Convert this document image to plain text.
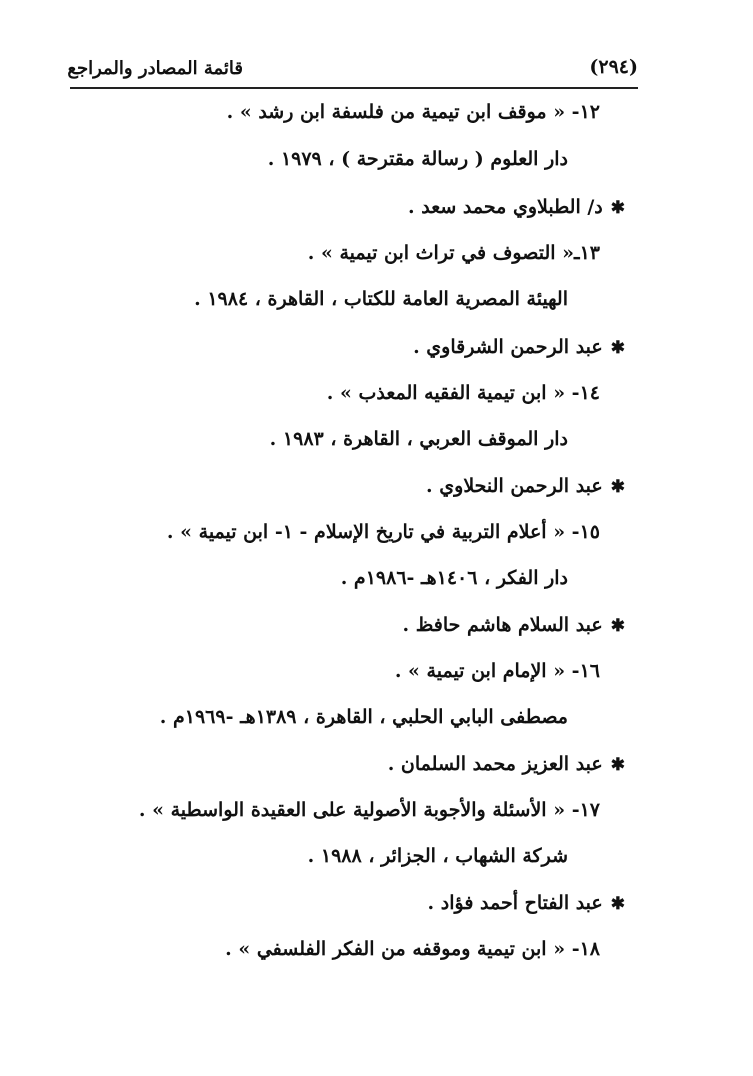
قائمة المصادر والمراجع	(٢٩٤)
١٢- « موقف ابن تيمية من فلسفة ابن رشد » .
دار العلوم ( رسالة مقترحة ) ، ١٩٧٩ .
✱د/ الطبلاوي محمد سعد .
١٣ـ« التصوف في تراث ابن تيمية » .
الهيئة المصرية العامة للكتاب ، القاهرة ، ١٩٨٤ .
✱عبد الرحمن الشرقاوي .
١٤- « ابن تيمية الفقيه المعذب » .
دار الموقف العربي ، القاهرة ، ١٩٨٣ .
✱عبد الرحمن النحلاوي .
١٥- « أعلام التربية في تاريخ الإسلام - ١- ابن تيمية » .
دار الفكر ، ١٤٠٦هـ -١٩٨٦م .
✱عبد السلام هاشم حافظ .
١٦- « الإمام ابن تيمية » .
مصطفى البابي الحلبي ، القاهرة ، ١٣٨٩هـ -١٩٦٩م .
✱عبد العزيز محمد السلمان .
١٧- « الأسئلة والأجوبة الأصولية على العقيدة الواسطية » .
شركة الشهاب ، الجزائر ، ١٩٨٨ .
✱عبد الفتاح أحمد فؤاد .
١٨- « ابن تيمية وموقفه من الفكر الفلسفي » .
